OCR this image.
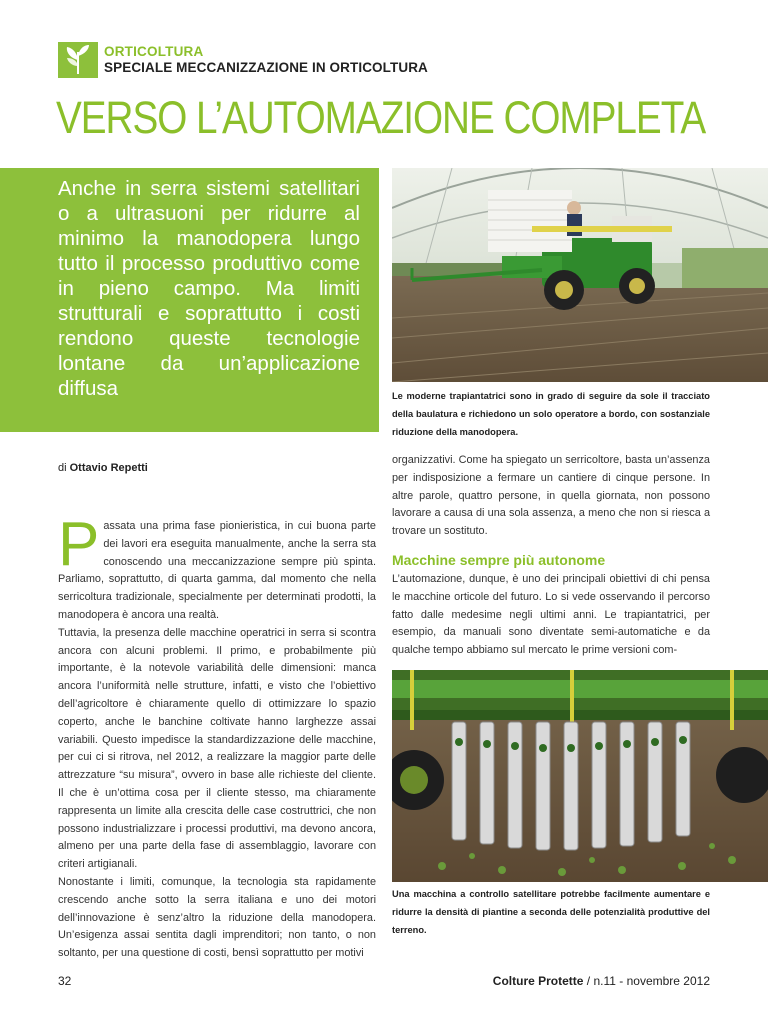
ORTICOLTURA
SPECIALE MECCANIZZAZIONE IN ORTICOLTURA
VERSO L’AUTOMAZIONE COMPLETA

Anche in serra sistemi satellitari o a ultrasuoni per ridurre al minimo la manodopera lungo tutto il processo produttivo come in pieno campo. Ma limiti strutturali e soprattutto i costi rendono queste tecnologie lontane da un’applicazione diffusa	Le moderne trapiantatrici sono in grado di seguire da sole il tracciato della baulatura e richiedono un solo operatore a bordo, con sostanziale riduzione della manodopera.

di Ottavio Repetti

Passata una prima fase pionieristica, in cui buona parte dei lavori era eseguita manualmente, anche la serra sta conoscendo una meccanizzazione sempre più spinta. Parliamo, soprattutto, di quarta gamma, dal momento che nella serricoltura tradizionale, specialmente per determinati prodotti, la manodopera è ancora una realtà.

Tuttavia, la presenza delle macchine operatrici in serra si scontra ancora con alcuni problemi. Il primo, e probabilmente più importante, è la notevole variabilità delle dimensioni: manca ancora l’uniformità nelle strutture, infatti, e visto che l’obiettivo dell’agricoltore è chiaramente quello di ottimizzare lo spazio coperto, anche le banchine coltivate hanno larghezze assai variabili. Questo impedisce la standardizzazione delle macchine, per cui ci si ritrova, nel 2012, a realizzare la maggior parte delle attrezzature “su misura”, ovvero in base alle richieste del cliente. Il che è un’ottima cosa per il cliente stesso, ma chiaramente rappresenta un limite alla crescita delle case costruttrici, che non possono industrializzare i processi produttivi, ma devono ancora, almeno per una parte della fase di assemblaggio, lavorare con criteri artigianali.

Nonostante i limiti, comunque, la tecnologia sta rapidamente crescendo anche sotto la serra italiana e uno dei motori dell’innovazione è senz’altro la riduzione della manodopera. Un’esigenza assai sentita dagli imprenditori; non tanto, o non soltanto, per una questione di costi, bensì soprattutto per motivi

organizzativi. Come ha spiegato un serricoltore, basta un’assenza per indisposizione a fermare un cantiere di cinque persone. In altre parole, quattro persone, in quella giornata, non possono lavorare a causa di una sola assenza, a meno che non si riesca a trovare un sostituto.

Macchine sempre più autonome

L’automazione, dunque, è uno dei principali obiettivi di chi pensa le macchine orticole del futuro. Lo si vede osservando il percorso fatto dalle medesime negli ultimi anni. Le trapiantatrici, per esempio, da manuali sono diventate semi-automatiche e da qualche tempo abbiamo sul mercato le prime versioni com-

Una macchina a controllo satellitare potrebbe facilmente aumentare e ridurre la densità di piantine a seconda delle potenzialità produttive del terreno.

32	Colture Protette / n.11 - novembre 2012
